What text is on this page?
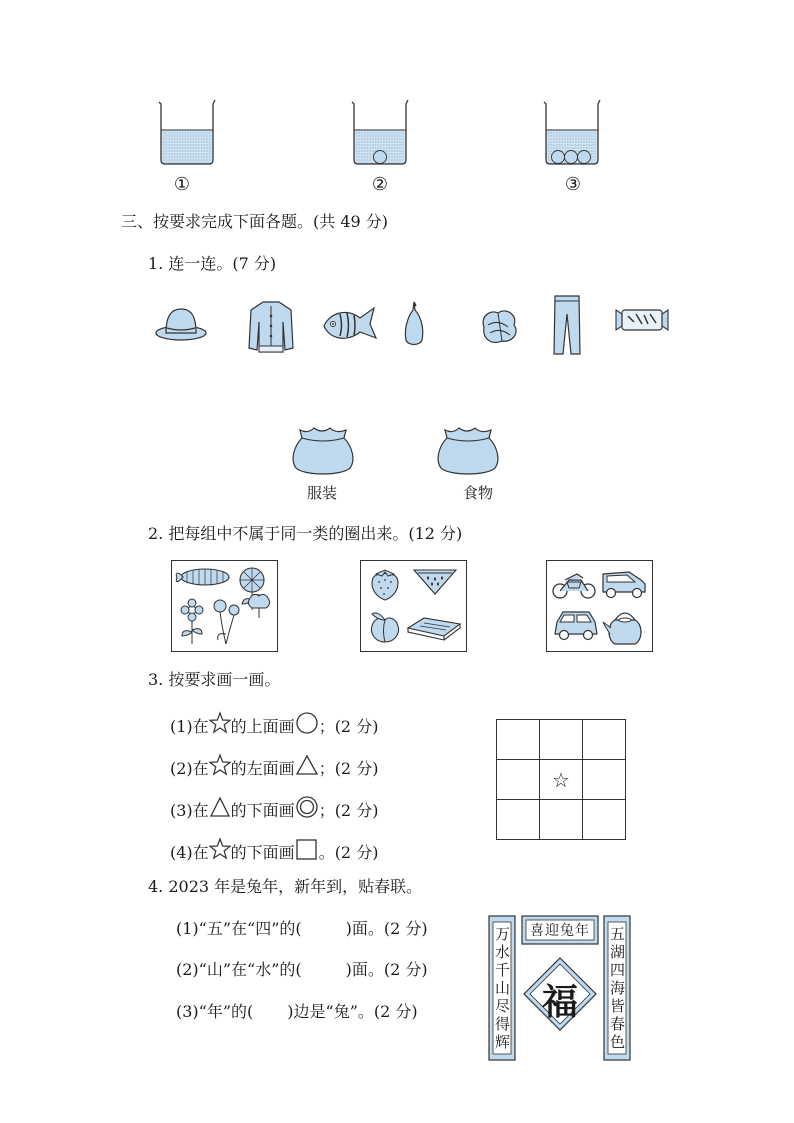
①	②	③
三、按要求完成下面各题。(共 49 分)
1. 连一连。(7 分)
服装	食物
2. 把每组中不属于同一类的圈出来。(12 分)
3. 按要求画一画。
(1)在 的上面画 ；(2 分)
(2)在 的左面画 ；(2 分)
(3)在 的下面画 ；(2 分)
(4)在 的下面画 。(2 分)

	☆	

4. 2023 年是兔年，新年到，贴春联。
(1)“五”在“四”的(	)面。(2 分)
(2)“山”在“水”的(	)面。(2 分)
(3)“年”的( )边是“兔”。(2 分)
喜迎兔年
万水千山尽得辉	五湖四海皆春色
福
